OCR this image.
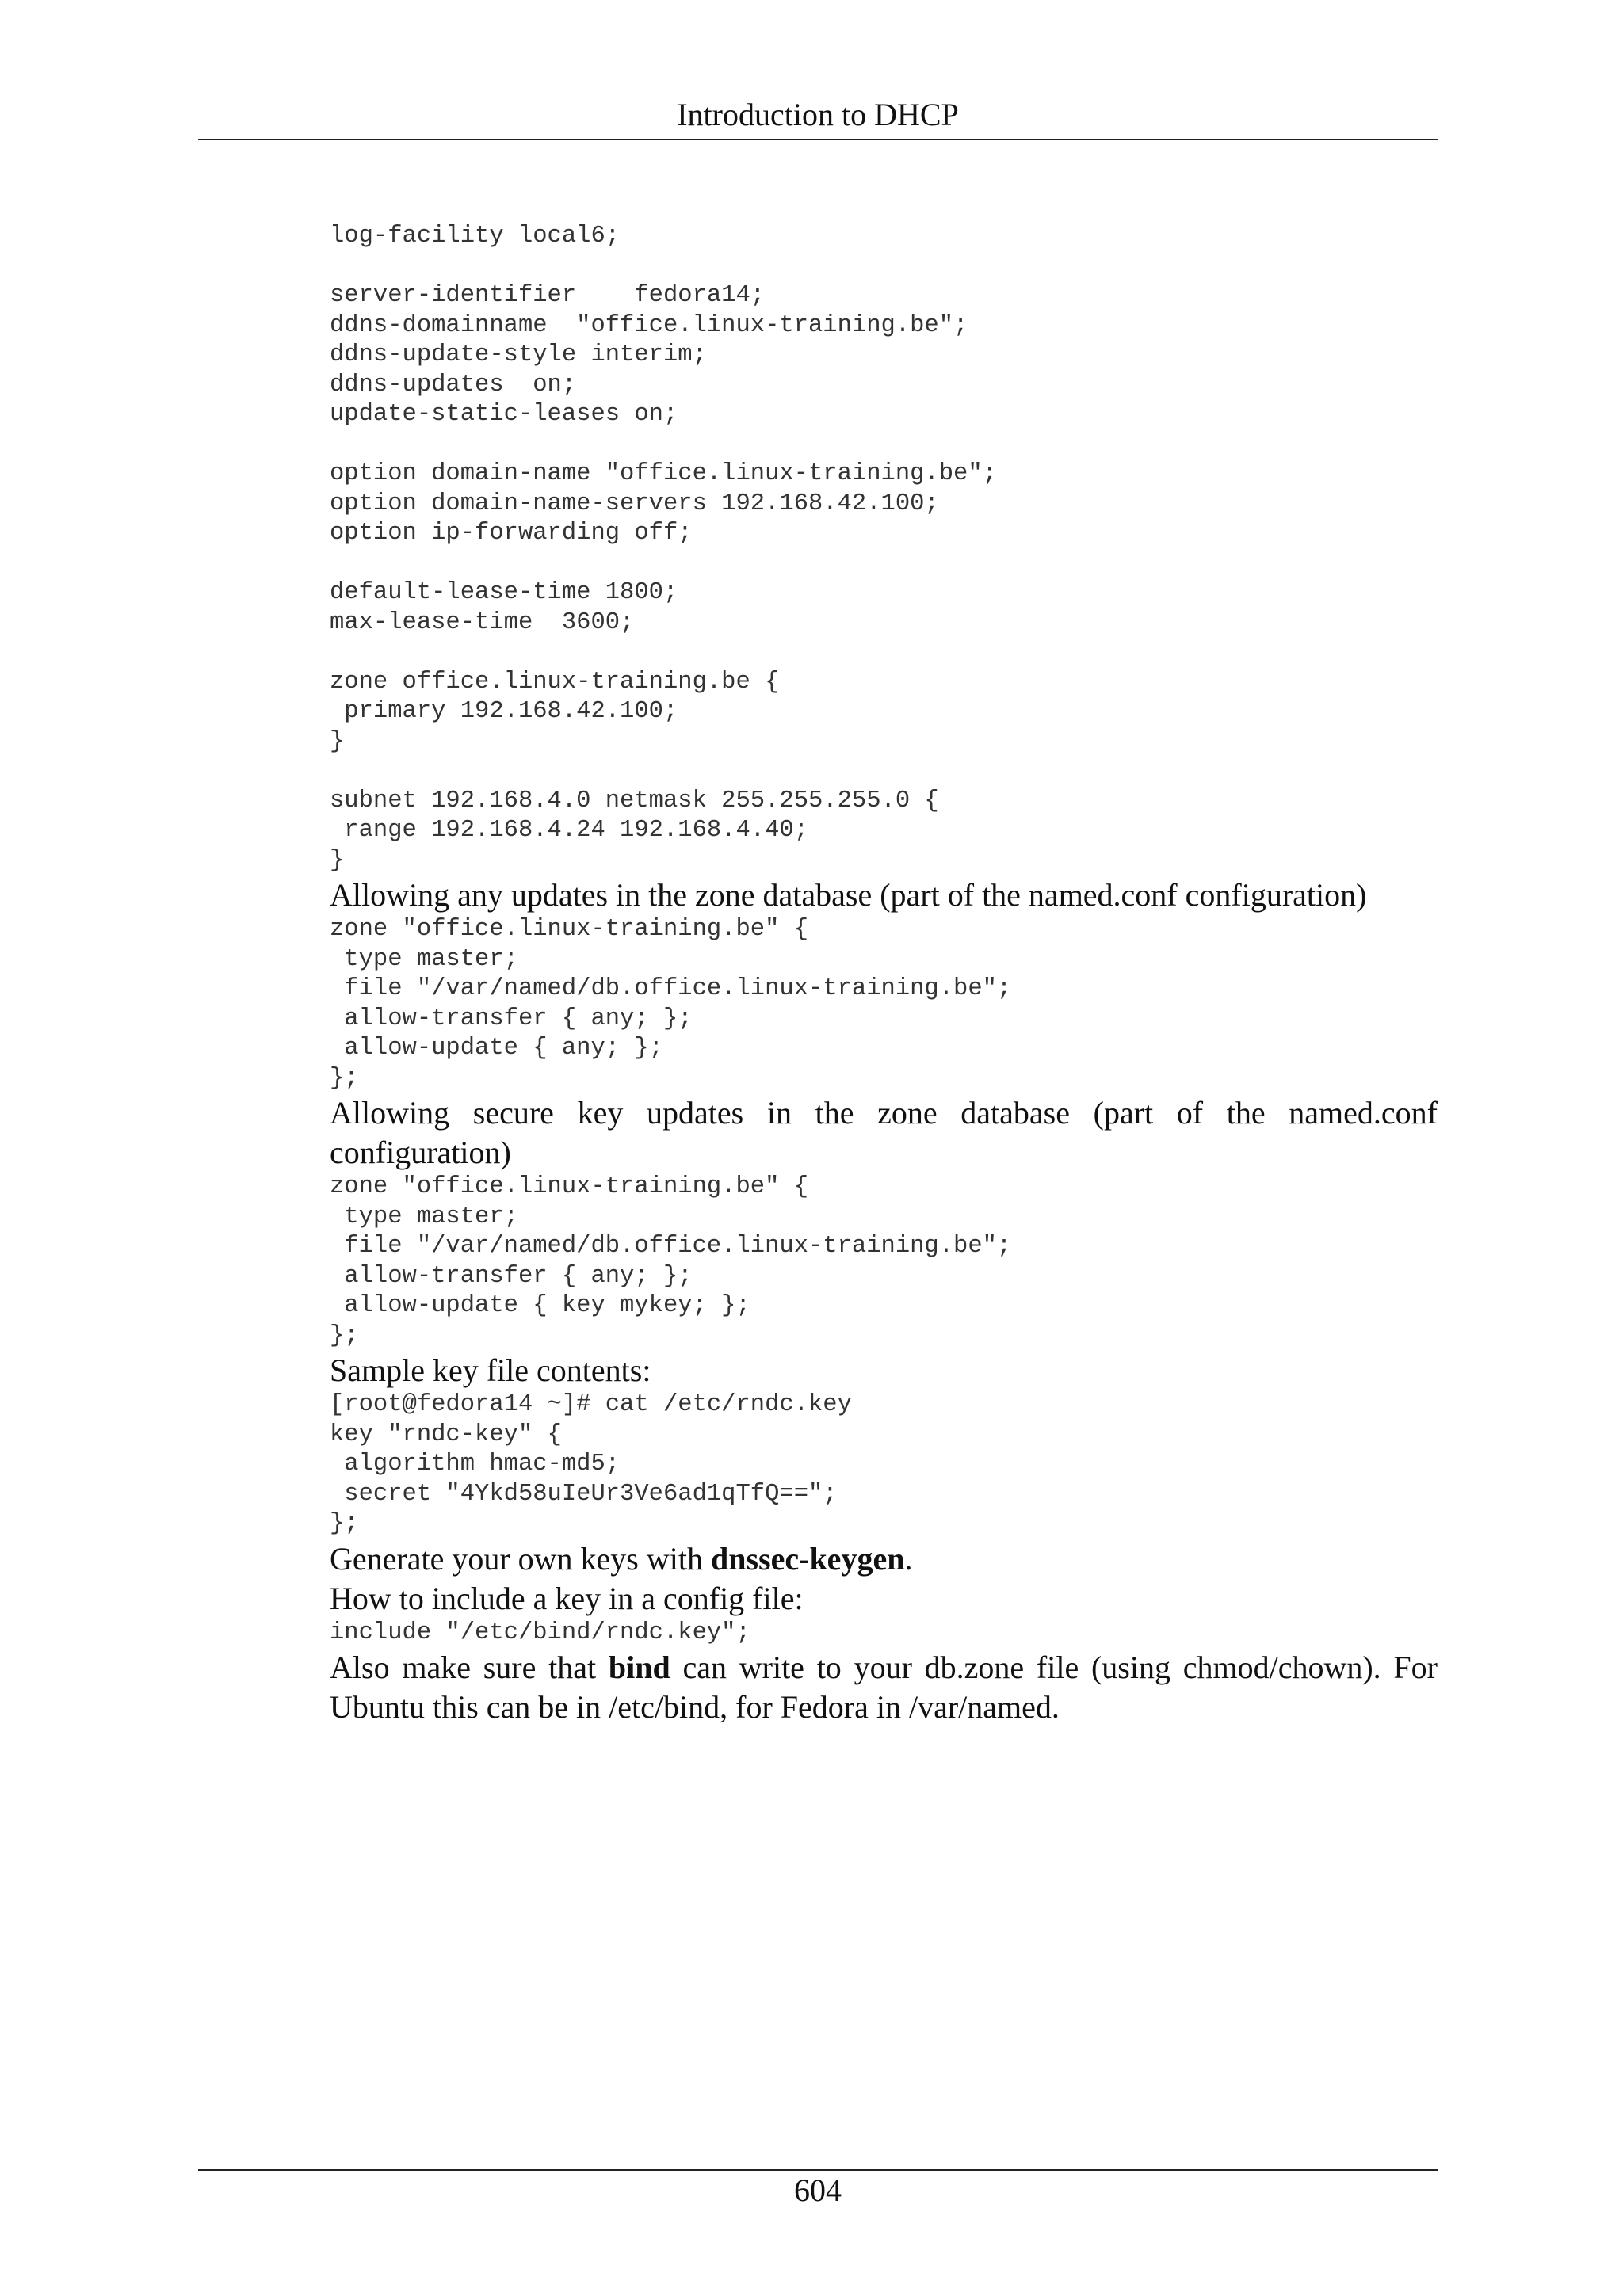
Introduction to DHCP
log-facility local6;
server-identifier    fedora14;
ddns-domainname  "office.linux-training.be";
ddns-update-style interim;
ddns-updates  on;
update-static-leases on;
option domain-name "office.linux-training.be";
option domain-name-servers 192.168.42.100;
option ip-forwarding off;
default-lease-time 1800;
max-lease-time  3600;
zone office.linux-training.be {
primary 192.168.42.100;
}
subnet 192.168.4.0 netmask 255.255.255.0 {
range 192.168.4.24 192.168.4.40;
}

Allowing any updates in the zone database (part of the named.conf configuration)

zone "office.linux-training.be" {
type master;
file "/var/named/db.office.linux-training.be";
allow-transfer { any; };
allow-update { any; };
};

Allowing secure key updates in the zone database (part of the named.conf configuration)

zone "office.linux-training.be" {
type master;
file "/var/named/db.office.linux-training.be";
allow-transfer { any; };
allow-update { key mykey; };
};

Sample key file contents:

[root@fedora14 ~]# cat /etc/rndc.key
key "rndc-key" {
algorithm hmac-md5;
secret "4Ykd58uIeUr3Ve6ad1qTfQ==";
};

Generate your own keys with dnssec-keygen.

How to include a key in a config file:

include "/etc/bind/rndc.key";

Also make sure that bind can write to your db.zone file (using chmod/chown). For Ubuntu this can be in /etc/bind, for Fedora in /var/named.

604
